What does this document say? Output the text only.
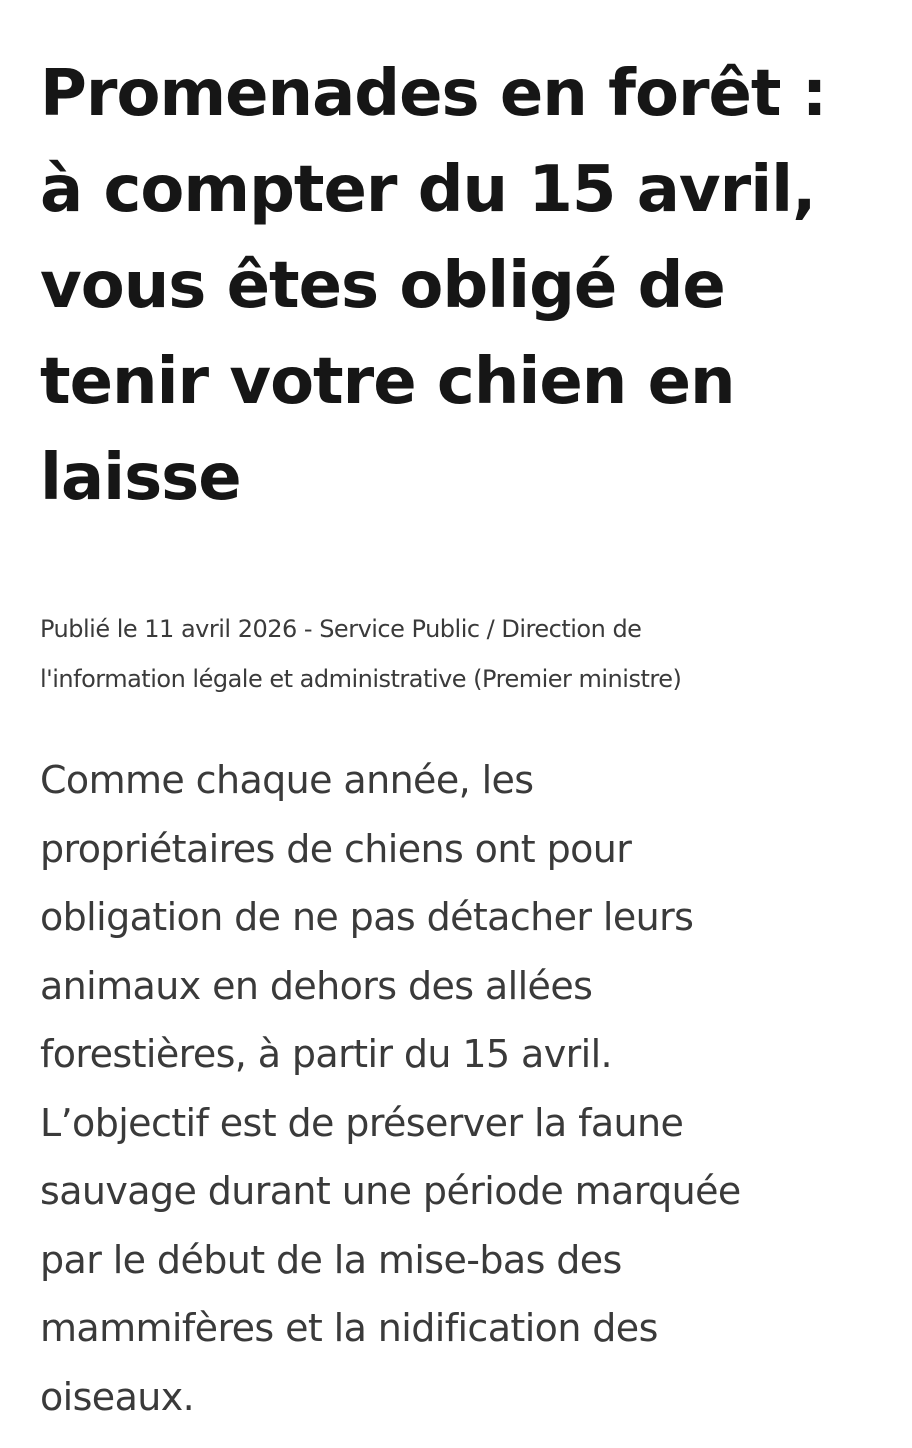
Promenades en forêt :
à compter du 15 avril,
vous êtes obligé de
tenir votre chien en
laisse

Publié le 11 avril 2026 - Service Public / Direction de
l'information légale et administrative (Premier ministre)

Comme chaque année, les
propriétaires de chiens ont pour
obligation de ne pas détacher leurs
animaux en dehors des allées
forestières, à partir du 15 avril.
L’objectif est de préserver la faune
sauvage durant une période marquée
par le début de la mise-bas des
mammifères et la nidification des
oiseaux.
